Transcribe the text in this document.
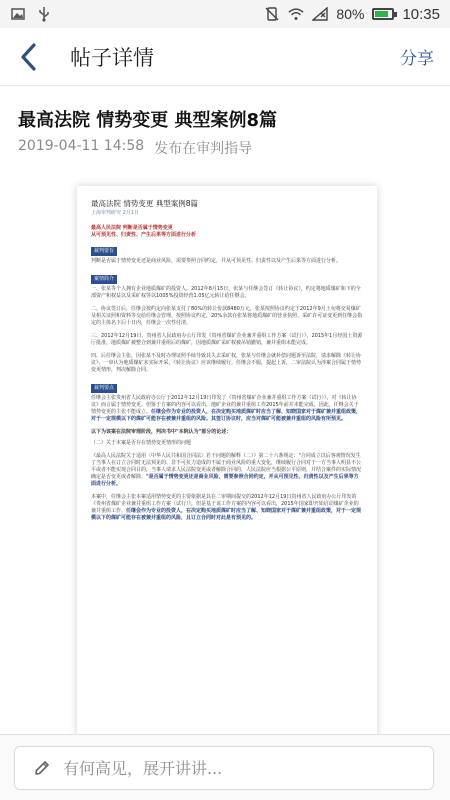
80%	10:35
帖子详情	分享
最高法院 情势变更 典型案例8篇
2019-04-11 14:58 发布在审判指导
最高法院 情势变更 典型案例8篇
上海审判研究 2月1日
最高人民法院 判断是否属于情势变更
从可预见性、归责性、产生后果等方面进行分析
裁判要旨
判断是否属于情势变更还是商业风险，需要参照合同约定，并从可预见性、归责性以及产生后果等方面进行分析。
案情简介
一、张某等个人拥有企业地质煤矿的投资人。2012年8月15日，张某与任继会签订《转让协议》，约定将地质煤矿和下的全部资产和权益以及采矿权等以1005%投资经营1.05亿元转让给任继会。
二、协议签订后，任继会按约定向张某支付了80%的转让价款8480万元，张某按照协议约定于2012年9月上旬将交易煤矿及相关证照和资料等交给任继会管理。按照协议约定，20%余款在张某将地质煤矿的营业执照、采矿许可证变更到任继会指定的主体名下后十日内，任继会一次性付清。
三、2012年12月19日，贵州省人民政府办公厅印发《贵州省煤矿企业兼并重组工作方案（试行）》，2015年1月经国土资源厅批准，地质煤矿被整合到兼并重组后的煤矿，因地质煤矿采矿权被吊销撤销，兼并重组未能完成。
四、后任继会主张，因张某不及时办理证照手续导致其失去采矿权，张某与任继会就补偿问题诉至法院，请求解除《转让协议》，一审认为地质煤矿未实际开采，《转让协议》应该继续履行。任继会不服，提起上诉，二审法院认为涉案合同属于情势变更情形，判决解除合同。
裁判要点
任继会主张贵州省人民政府办公厅于2012年12月19日印发了《贵州省煤矿企业兼并重组工作方案（试行）》，对《转让协议》而言属于情势变更。但鉴于方案的内容可以看出，地矿企业的兼并重组工作2015年前并未能完成，因此，任继会关于情势变更的主张不能成立。任继会作为专业的投资人，在决定购买地质煤矿时应当了解、知晓国家对于煤矿兼并重组政策，对于一定规模以下的煤矿可能存在被兼并重组的风险。其签订协议时，应当对煤矿可能被兼并重组的风险有所预见。
以下为该案在法院审理阶段，判决书中"本院认为"部分的论述：
（二）关于本案是否存在情势变更情形的问题
《最高人民法院关于适用〈中华人民共和国合同法〉若干问题的解释（二）》第二十六条规定："合同成立以后客观情况发生了当事人在订立合同时无法预见的、非不可抗力造成的不属于商业风险的重大变化，继续履行合同对于一方当事人明显不公平或者不能实现合同目的，当事人请求人民法院变更或者解除合同的，人民法院应当根据公平原则，并结合案件的实际情况确定是否变更或者解除。"是否属于情势变更还是商业风险，需要参照合同约定，并从可预见性、归责性以及产生后果等方面进行分析。
本案中，任继会主张本案适用情势变更的主要依据是其在二审期间提交的2012年12月19日贵州省人民政府办公厅印发的《贵州省煤矿企业兼并重组工作方案（试行）》，但是基于该工作方案的内容可以看出，2015年国家即开始启动煤矿企业的兼并重组工作。任继会作为专业的投资人，在决定购买地质煤矿时应当了解、知晓国家对于煤矿兼并重组政策，对于一定规模以下的煤矿可能存在被兼并重组的风险，且订立合同时对此是有预见的。
有何高见，展开讲讲...
